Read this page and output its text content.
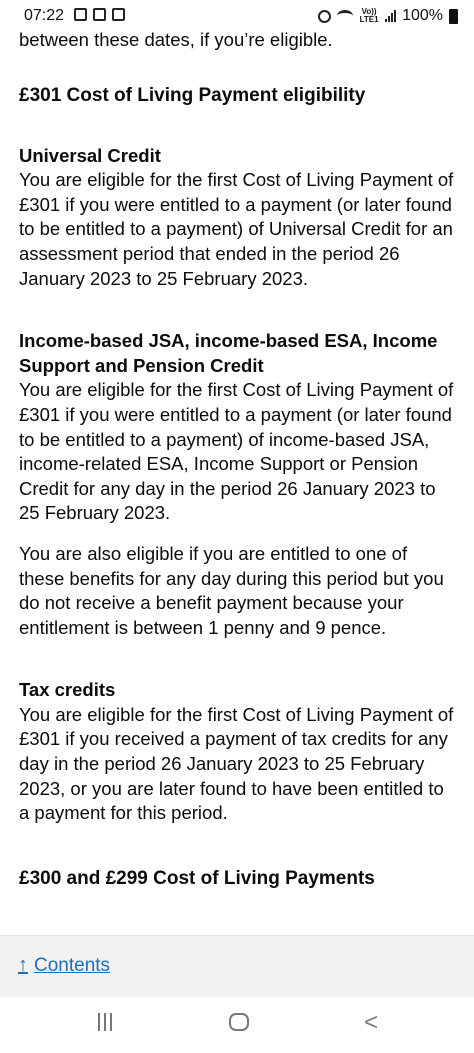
07:22	Vo)) LTE1 100%

between these dates, if you’re eligible.

£301 Cost of Living Payment eligibility
Universal Credit

You are eligible for the first Cost of Living Payment of £301 if you were entitled to a payment (or later found to be entitled to a payment) of Universal Credit for an assessment period that ended in the period 26 January 2023 to 25 February 2023.

Income-based JSA, income-based ESA, Income Support and Pension Credit

You are eligible for the first Cost of Living Payment of £301 if you were entitled to a payment (or later found to be entitled to a payment) of income-based JSA, income-related ESA, Income Support or Pension Credit for any day in the period 26 January 2023 to 25 February 2023.

You are also eligible if you are entitled to one of these benefits for any day during this period but you do not receive a benefit payment because your entitlement is between 1 penny and 9 pence.

Tax credits

You are eligible for the first Cost of Living Payment of £301 if you received a payment of tax credits for any day in the period 26 January 2023 to 25 February 2023, or you are later found to have been entitled to a payment for this period.

£300 and £299 Cost of Living Payments
↑ Contents
<
